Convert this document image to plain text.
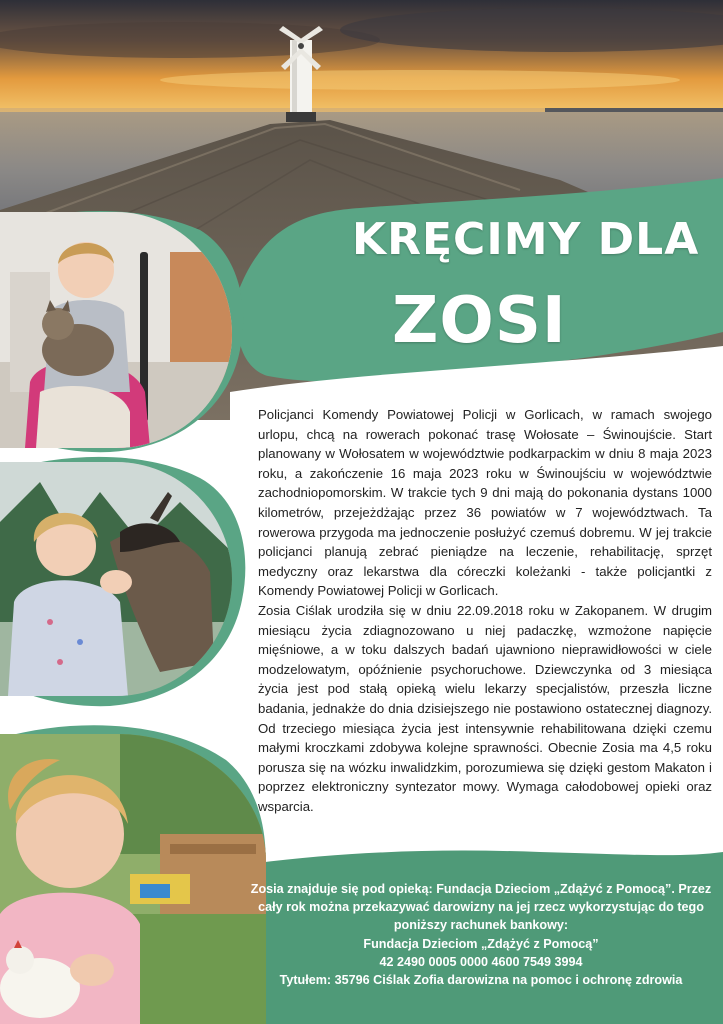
KRĘCIMY DLA
ZOSI

Policjanci Komendy Powiatowej Policji w Gorlicach, w ramach swojego urlopu, chcą na rowerach pokonać trasę Wołosate – Świnoujście. Start planowany w Wołosatem w województwie podkarpackim w dniu 8 maja 2023 roku, a zakończenie 16 maja 2023 roku w Świnoujściu w województwie zachodniopomorskim. W trakcie tych 9 dni mają do pokonania dystans 1000 kilometrów, przejeżdżając przez 36 powiatów w 7 województwach. Ta rowerowa przygoda ma jednoczenie posłużyć czemuś dobremu. W jej trakcie policjanci planują zebrać pieniądze na leczenie, rehabilitację, sprzęt medyczny oraz lekarstwa dla córeczki koleżanki - także policjantki z Komendy Powiatowej Policji w Gorlicach.

Zosia Ciślak urodziła się w dniu 22.09.2018 roku w Zakopanem. W drugim miesiącu życia zdiagnozowano u niej padaczkę, wzmożone napięcie mięśniowe, a w toku dalszych badań ujawniono nieprawidłowości w ciele modzelowatym, opóźnienie psychoruchowe. Dziewczynka od 3 miesiąca życia jest pod stałą opieką wielu lekarzy specjalistów, przeszła liczne badania, jednakże do dnia dzisiejszego nie postawiono ostatecznej diagnozy. Od trzeciego miesiąca życia jest intensywnie rehabilitowana dzięki czemu małymi kroczkami zdobywa kolejne sprawności. Obecnie Zosia ma 4,5 roku porusza się na wózku inwalidzkim, porozumiewa się dzięki gestom Makaton i poprzez elektroniczny syntezator mowy. Wymaga całodobowej opieki oraz wsparcia.

Zosia znajduje się pod opieką: Fundacja Dzieciom „Zdążyć z Pomocą”. Przez cały rok można przekazywać darowizny na jej rzecz wykorzystując do tego poniższy rachunek bankowy:

Fundacja Dzieciom „Zdążyć z Pomocą”

42 2490 0005 0000 4600 7549 3994

Tytułem: 35796 Ciślak Zofia darowizna na pomoc i ochronę zdrowia
